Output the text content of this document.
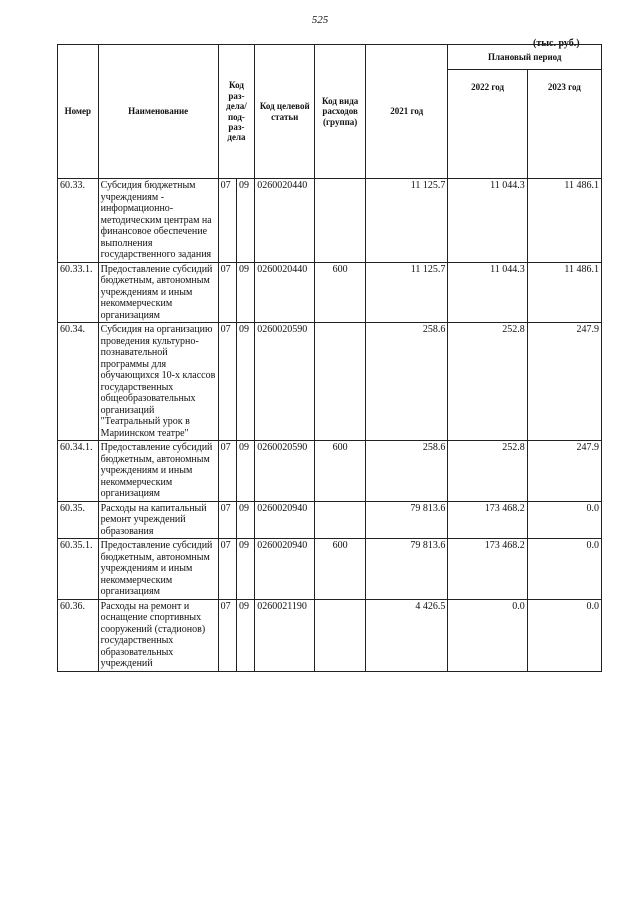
525
(тыс. руб.)
Номер	Наименование	Код раз- дела/ под- раз- дела		Код целевой статьи	Код вида расходов (группа)	2021 год	Плановый период	
							2022 год	2023 год
60.33.	Субсидия бюджетным учреждениям - информационно-методическим центрам на финансовое обеспечение выполнения государственного задания	07	09	0260020440		11 125.7	11 044.3	11 486.1
60.33.1.	Предоставление субсидий бюджетным, автономным учреждениям и иным некоммерческим организациям	07	09	0260020440	600	11 125.7	11 044.3	11 486.1
60.34.	Субсидия на организацию проведения культурно-познавательной программы для обучающихся 10-х классов государственных общеобразовательных организаций "Театральный урок в Мариинском театре"	07	09	0260020590		258.6	252.8	247.9
60.34.1.	Предоставление субсидий бюджетным, автономным учреждениям и иным некоммерческим организациям	07	09	0260020590	600	258.6	252.8	247.9
60.35.	Расходы на капитальный ремонт учреждений образования	07	09	0260020940		79 813.6	173 468.2	0.0
60.35.1.	Предоставление субсидий бюджетным, автономным учреждениям и иным некоммерческим организациям	07	09	0260020940	600	79 813.6	173 468.2	0.0
60.36.	Расходы на ремонт и оснащение спортивных сооружений (стадионов) государственных образовательных учреждений	07	09	0260021190		4 426.5	0.0	0.0
